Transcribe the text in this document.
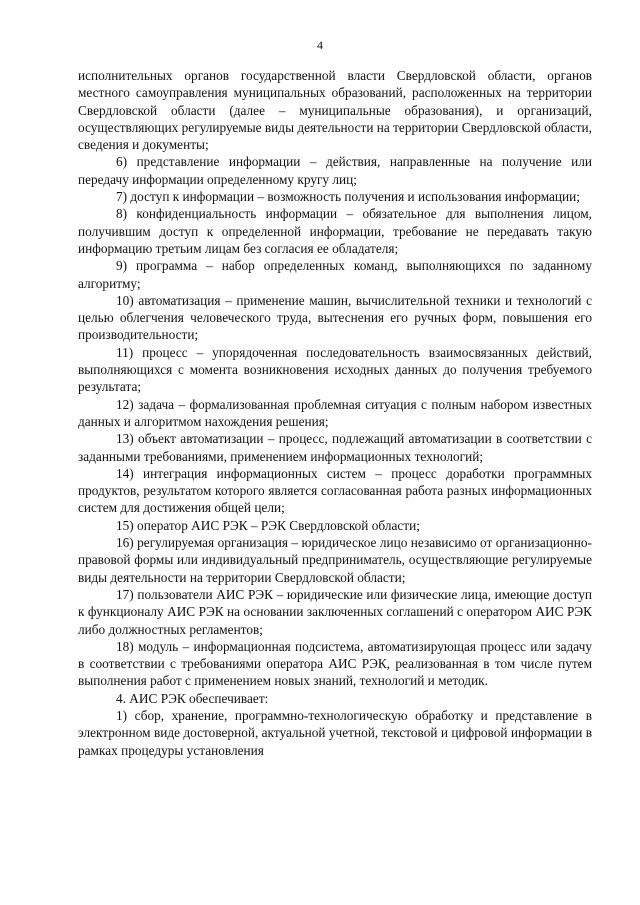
4

исполнительных органов государственной власти Свердловской области, органов местного самоуправления муниципальных образований, расположенных на территории Свердловской области (далее – муниципальные образования), и организаций, осуществляющих регулируемые виды деятельности на территории Свердловской области, сведения и документы;

6) представление информации – действия, направленные на получение или передачу информации определенному кругу лиц;

7) доступ к информации – возможность получения и использования информации;

8) конфиденциальность информации – обязательное для выполнения лицом, получившим доступ к определенной информации, требование не передавать такую информацию третьим лицам без согласия ее обладателя;

9) программа – набор определенных команд, выполняющихся по заданному алгоритму;

10) автоматизация – применение машин, вычислительной техники и технологий с целью облегчения человеческого труда, вытеснения его ручных форм, повышения его производительности;

11) процесс – упорядоченная последовательность взаимосвязанных действий, выполняющихся с момента возникновения исходных данных до получения требуемого результата;

12) задача – формализованная проблемная ситуация с полным набором известных данных и алгоритмом нахождения решения;

13) объект автоматизации – процесс, подлежащий автоматизации в соответствии с заданными требованиями, применением информационных технологий;

14) интеграция информационных систем – процесс доработки программных продуктов, результатом которого является согласованная работа разных информационных систем для достижения общей цели;

15) оператор АИС РЭК – РЭК Свердловской области;

16) регулируемая организация – юридическое лицо независимо от организационно-правовой формы или индивидуальный предприниматель, осуществляющие регулируемые виды деятельности на территории Свердловской области;

17) пользователи АИС РЭК – юридические или физические лица, имеющие доступ к функционалу АИС РЭК на основании заключенных соглашений с оператором АИС РЭК либо должностных регламентов;

18) модуль – информационная подсистема, автоматизирующая процесс или задачу в соответствии с требованиями оператора АИС РЭК, реализованная в том числе путем выполнения работ с применением новых знаний, технологий и методик.

4. АИС РЭК обеспечивает:

1) сбор, хранение, программно-технологическую обработку и представление в электронном виде достоверной, актуальной учетной, текстовой и цифровой информации в рамках процедуры установления
